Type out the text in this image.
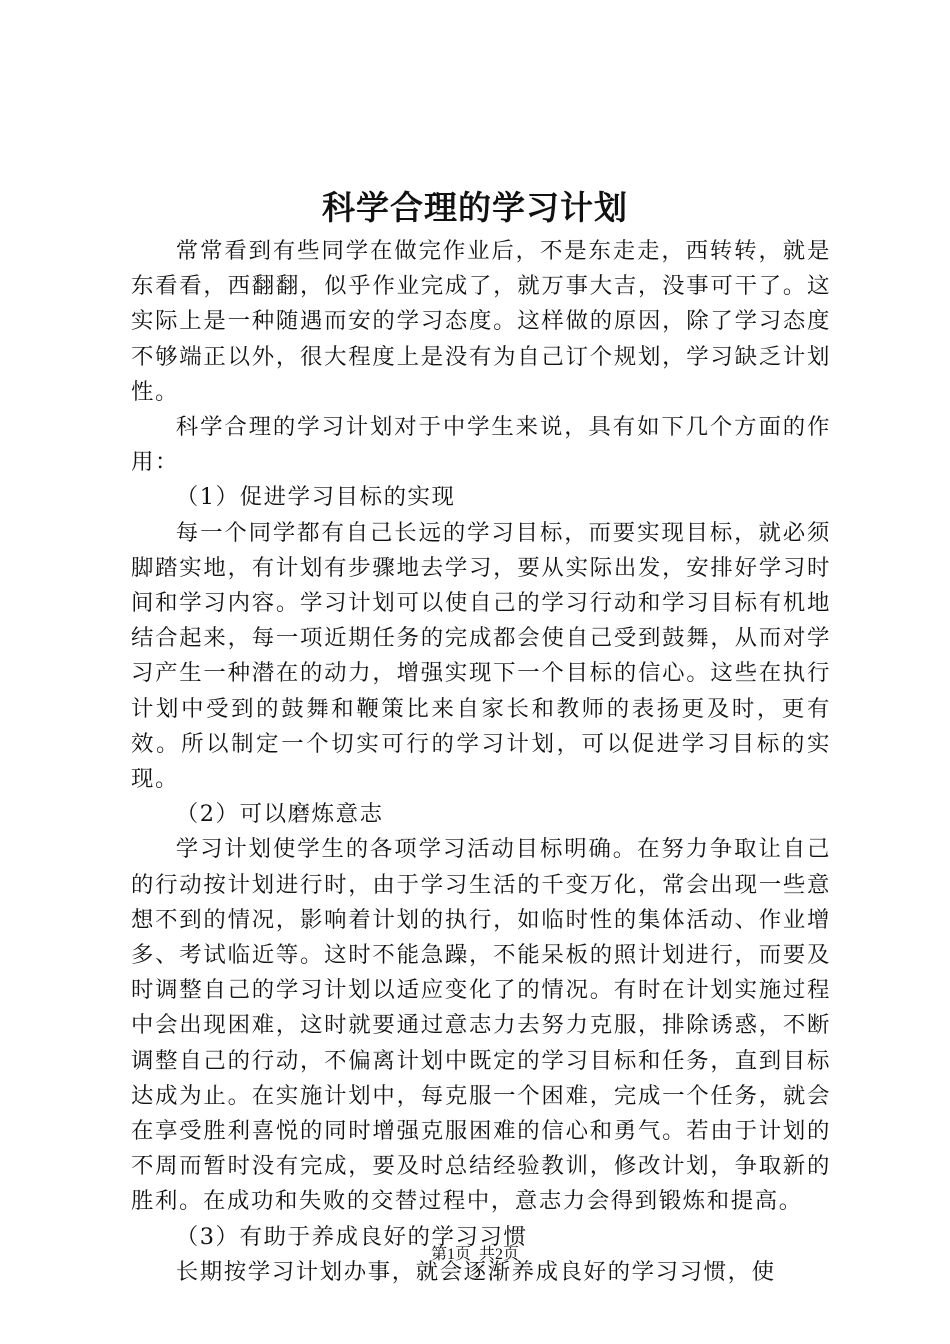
科学合理的学习计划

常常看到有些同学在做完作业后，不是东走走，西转转，就是东看看，西翻翻，似乎作业完成了，就万事大吉，没事可干了。这实际上是一种随遇而安的学习态度。这样做的原因，除了学习态度不够端正以外，很大程度上是没有为自己订个规划，学习缺乏计划性。

科学合理的学习计划对于中学生来说，具有如下几个方面的作用：

（1）促进学习目标的实现

每一个同学都有自己长远的学习目标，而要实现目标，就必须脚踏实地，有计划有步骤地去学习，要从实际出发，安排好学习时间和学习内容。学习计划可以使自己的学习行动和学习目标有机地结合起来，每一项近期任务的完成都会使自己受到鼓舞，从而对学习产生一种潜在的动力，增强实现下一个目标的信心。这些在执行计划中受到的鼓舞和鞭策比来自家长和教师的表扬更及时，更有效。所以制定一个切实可行的学习计划，可以促进学习目标的实现。

（2）可以磨炼意志

学习计划使学生的各项学习活动目标明确。在努力争取让自己的行动按计划进行时，由于学习生活的千变万化，常会出现一些意想不到的情况，影响着计划的执行，如临时性的集体活动、作业增多、考试临近等。这时不能急躁，不能呆板的照计划进行，而要及时调整自己的学习计划以适应变化了的情况。有时在计划实施过程中会出现困难，这时就要通过意志力去努力克服，排除诱惑，不断调整自己的行动，不偏离计划中既定的学习目标和任务，直到目标达成为止。在实施计划中，每克服一个困难，完成一个任务，就会在享受胜利喜悦的同时增强克服困难的信心和勇气。若由于计划的不周而暂时没有完成，要及时总结经验教训，修改计划，争取新的胜利。在成功和失败的交替过程中，意志力会得到锻炼和提高。

（3）有助于养成良好的学习习惯

长期按学习计划办事，就会逐渐养成良好的学习习惯，使

第1页 共2页
